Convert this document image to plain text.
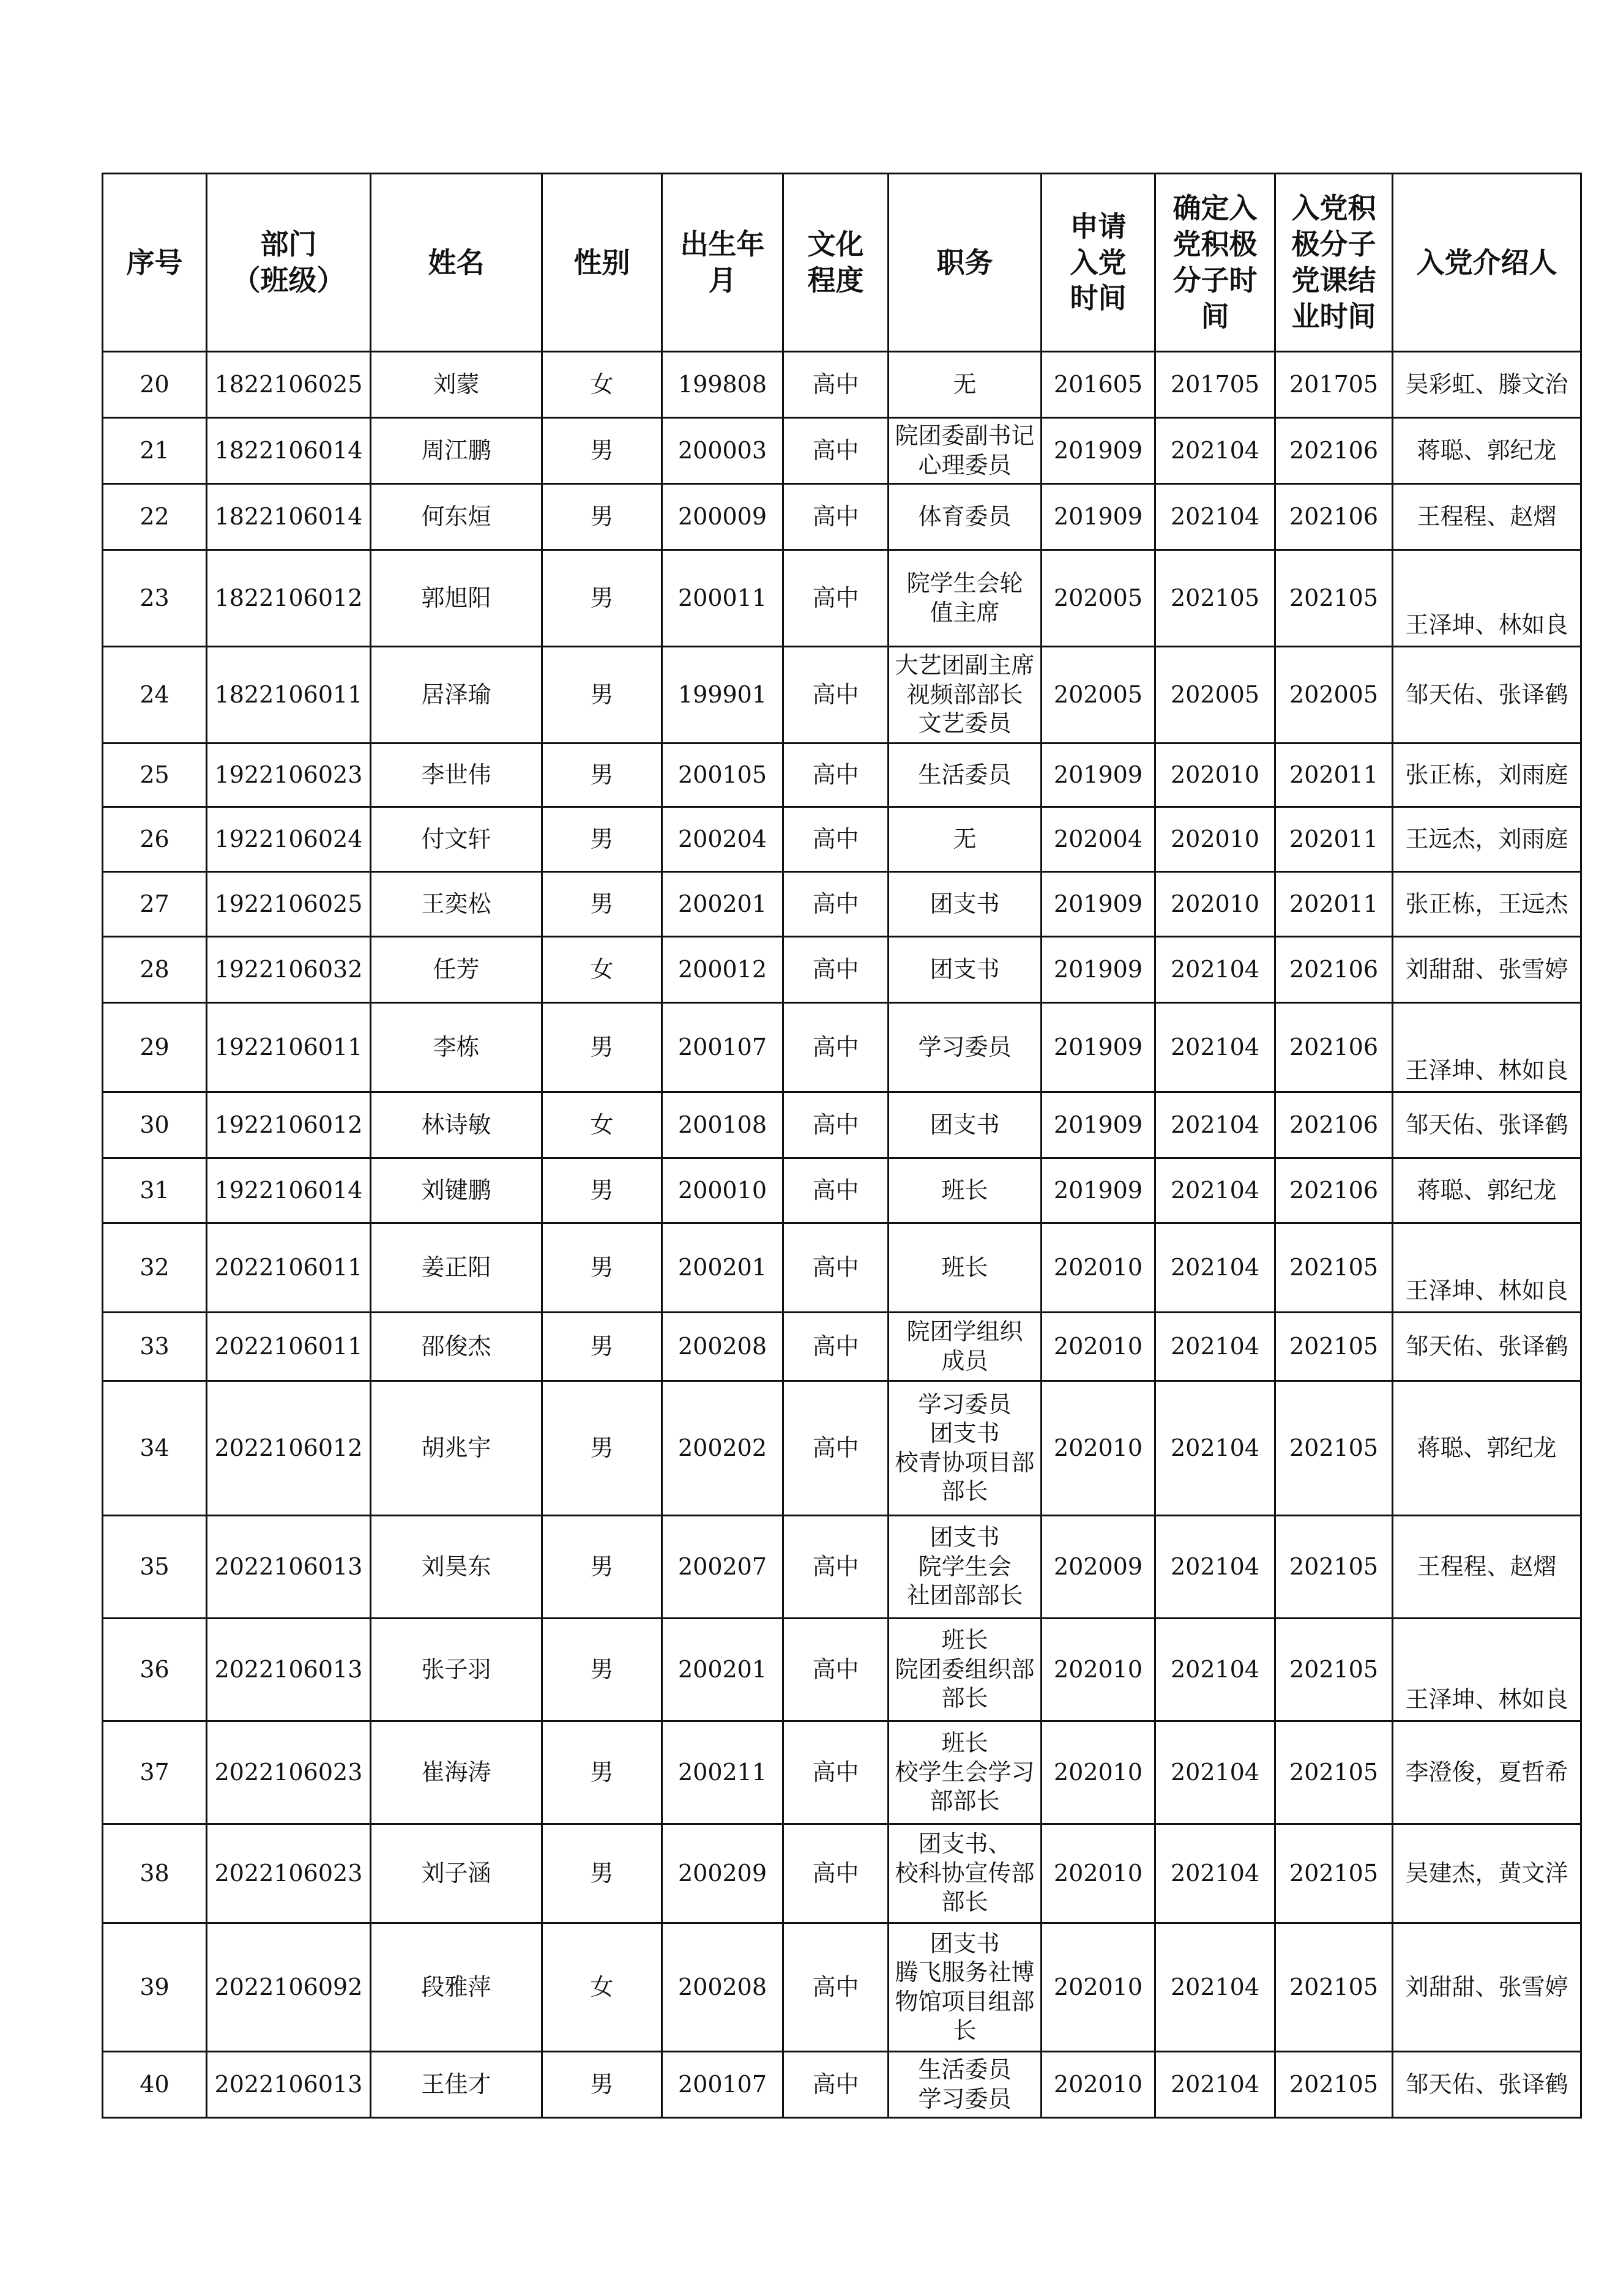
序号	部门
（班级）	姓名	性别	出生年
月	文化
程度	职务	申请
入党
时间	确定入
党积极
分子时
间	入党积
极分子
党课结
业时间	入党介绍人
20	1822106025	刘蒙	女	199808	高中	无	201605	201705	201705	吴彩虹、滕文治
21	1822106014	周江鹏	男	200003	高中	院团委副书记
心理委员	201909	202104	202106	蒋聪、郭纪龙
22	1822106014	何东烜	男	200009	高中	体育委员	201909	202104	202106	王程程、赵熠
23	1822106012	郭旭阳	男	200011	高中	院学生会轮
值主席	202005	202105	202105	王泽坤、林如良
24	1822106011	居泽瑜	男	199901	高中	大艺团副主席
视频部部长
文艺委员	202005	202005	202005	邹天佑、张译鹤
25	1922106023	李世伟	男	200105	高中	生活委员	201909	202010	202011	张正栋，刘雨庭
26	1922106024	付文轩	男	200204	高中	无	202004	202010	202011	王远杰，刘雨庭
27	1922106025	王奕松	男	200201	高中	团支书	201909	202010	202011	张正栋，王远杰
28	1922106032	任芳	女	200012	高中	团支书	201909	202104	202106	刘甜甜、张雪婷
29	1922106011	李栋	男	200107	高中	学习委员	201909	202104	202106	王泽坤、林如良
30	1922106012	林诗敏	女	200108	高中	团支书	201909	202104	202106	邹天佑、张译鹤
31	1922106014	刘键鹏	男	200010	高中	班长	201909	202104	202106	蒋聪、郭纪龙
32	2022106011	姜正阳	男	200201	高中	班长	202010	202104	202105	王泽坤、林如良
33	2022106011	邵俊杰	男	200208	高中	院团学组织
成员	202010	202104	202105	邹天佑、张译鹤
34	2022106012	胡兆宇	男	200202	高中	学习委员
团支书
校青协项目部
部长	202010	202104	202105	蒋聪、郭纪龙
35	2022106013	刘昊东	男	200207	高中	团支书
院学生会
社团部部长	202009	202104	202105	王程程、赵熠
36	2022106013	张子羽	男	200201	高中	班长
院团委组织部
部长	202010	202104	202105	王泽坤、林如良
37	2022106023	崔海涛	男	200211	高中	班长
校学生会学习
部部长	202010	202104	202105	李澄俊，夏哲希
38	2022106023	刘子涵	男	200209	高中	团支书、
校科协宣传部
部长	202010	202104	202105	吴建杰，黄文洋
39	2022106092	段雅萍	女	200208	高中	团支书
腾飞服务社博
物馆项目组部
长	202010	202104	202105	刘甜甜、张雪婷
40	2022106013	王佳才	男	200107	高中	生活委员
学习委员	202010	202104	202105	邹天佑、张译鹤
